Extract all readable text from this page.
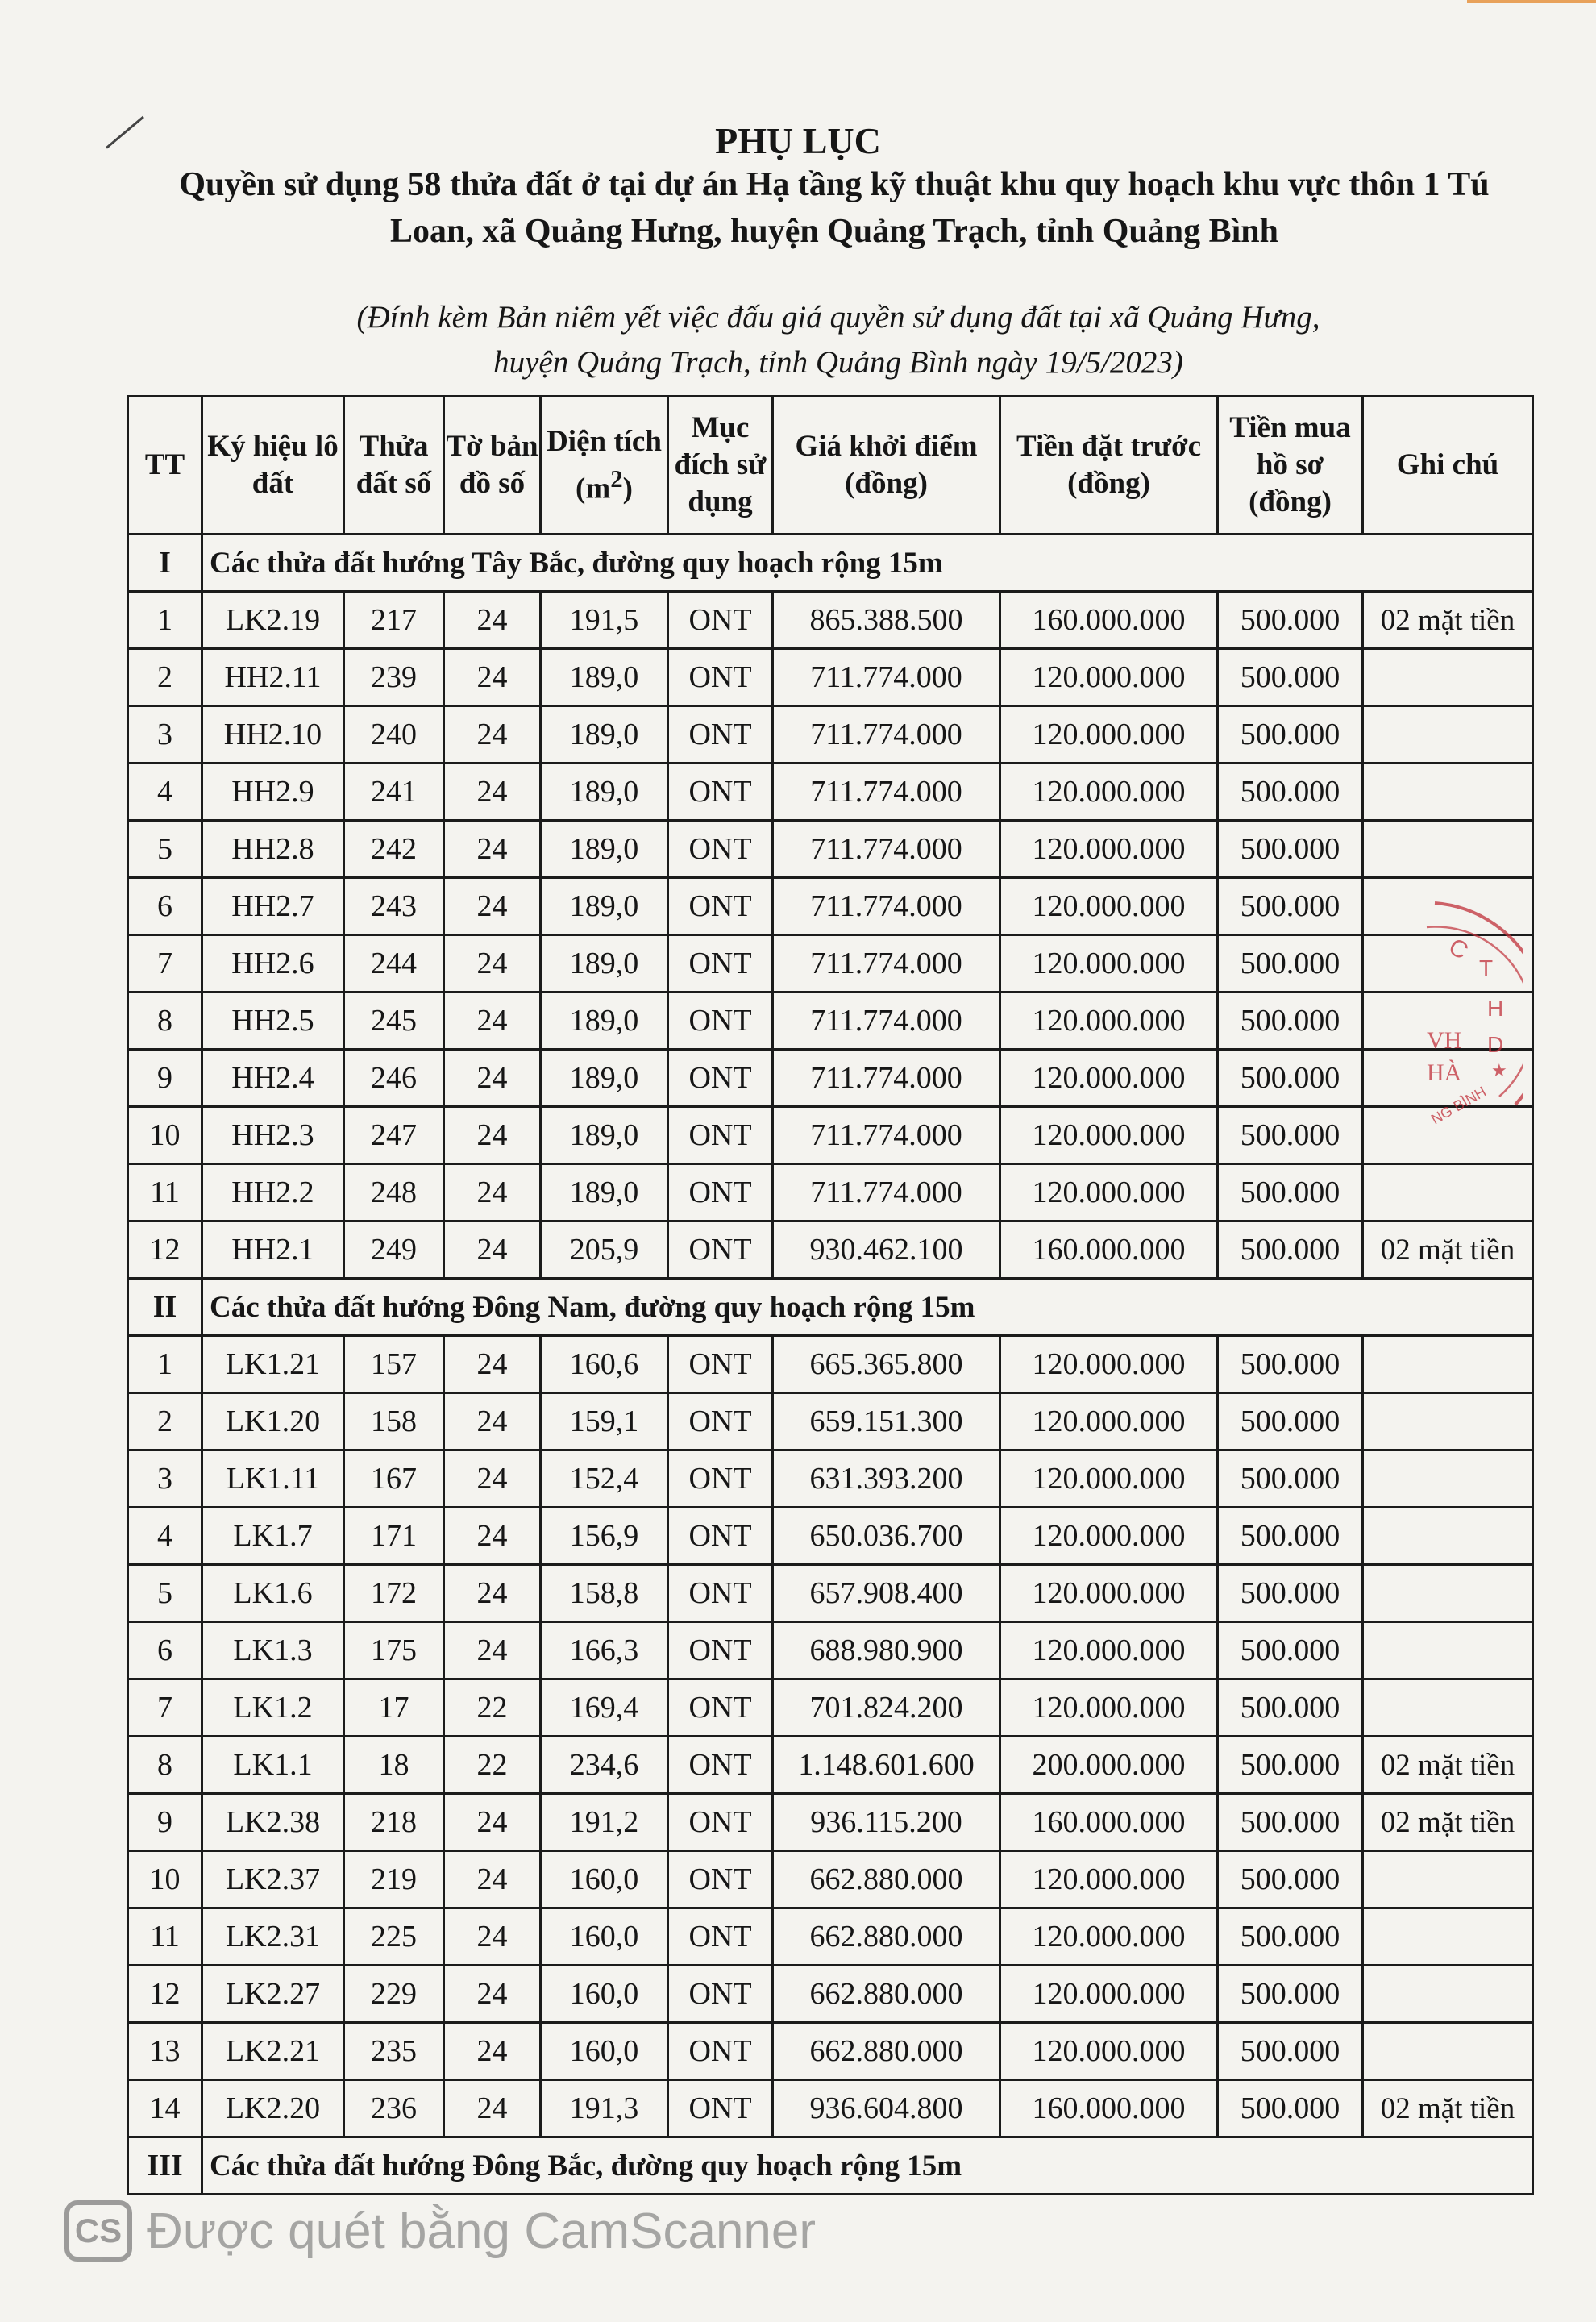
PHỤ LỤC
Quyền sử dụng 58 thửa đất ở tại dự án Hạ tầng kỹ thuật khu quy hoạch khu vực thôn 1 Tú
Loan, xã Quảng Hưng, huyện Quảng Trạch, tỉnh Quảng Bình
(Đính kèm Bản niêm yết việc đấu giá quyền sử dụng đất tại xã Quảng Hưng,
huyện Quảng Trạch, tỉnh Quảng Bình ngày 19/5/2023)
TT	Ký hiệu lô đất	Thửa đất số	Tờ bản đồ số	Diện tích $(m^2)$	Mục đích sử dụng	Giá khởi điểm (đồng)	Tiền đặt trước (đồng)	Tiền mua hồ sơ (đồng)	Ghi chú
I	Các thửa đất hướng Tây Bắc, đường quy hoạch rộng 15m								
1	LK2.19	217	24	191,5	ONT	865.388.500	160.000.000	500.000	02 mặt tiền
2	HH2.11	239	24	189,0	ONT	711.774.000	120.000.000	500.000	
3	HH2.10	240	24	189,0	ONT	711.774.000	120.000.000	500.000	
4	HH2.9	241	24	189,0	ONT	711.774.000	120.000.000	500.000	
5	HH2.8	242	24	189,0	ONT	711.774.000	120.000.000	500.000	
6	HH2.7	243	24	189,0	ONT	711.774.000	120.000.000	500.000	
7	HH2.6	244	24	189,0	ONT	711.774.000	120.000.000	500.000	
8	HH2.5	245	24	189,0	ONT	711.774.000	120.000.000	500.000	
9	HH2.4	246	24	189,0	ONT	711.774.000	120.000.000	500.000	
10	HH2.3	247	24	189,0	ONT	711.774.000	120.000.000	500.000	
11	HH2.2	248	24	189,0	ONT	711.774.000	120.000.000	500.000	
12	HH2.1	249	24	205,9	ONT	930.462.100	160.000.000	500.000	02 mặt tiền
II	Các thửa đất hướng Đông Nam, đường quy hoạch rộng 15m								
1	LK1.21	157	24	160,6	ONT	665.365.800	120.000.000	500.000	
2	LK1.20	158	24	159,1	ONT	659.151.300	120.000.000	500.000	
3	LK1.11	167	24	152,4	ONT	631.393.200	120.000.000	500.000	
4	LK1.7	171	24	156,9	ONT	650.036.700	120.000.000	500.000	
5	LK1.6	172	24	158,8	ONT	657.908.400	120.000.000	500.000	
6	LK1.3	175	24	166,3	ONT	688.980.900	120.000.000	500.000	
7	LK1.2	17	22	169,4	ONT	701.824.200	120.000.000	500.000	
8	LK1.1	18	22	234,6	ONT	1.148.601.600	200.000.000	500.000	02 mặt tiền
9	LK2.38	218	24	191,2	ONT	936.115.200	160.000.000	500.000	02 mặt tiền
10	LK2.37	219	24	160,0	ONT	662.880.000	120.000.000	500.000	
11	LK2.31	225	24	160,0	ONT	662.880.000	120.000.000	500.000	
12	LK2.27	229	24	160,0	ONT	662.880.000	120.000.000	500.000	
13	LK2.21	235	24	160,0	ONT	662.880.000	120.000.000	500.000	
14	LK2.20	236	24	191,3	ONT	936.604.800	160.000.000	500.000	02 mặt tiền
III	Các thửa đất hướng Đông Bắc, đường quy hoạch rộng 15m								
C
T
H
D
★
VH
HÀ
NG BÌNH
CS Được quét bằng CamScanner
